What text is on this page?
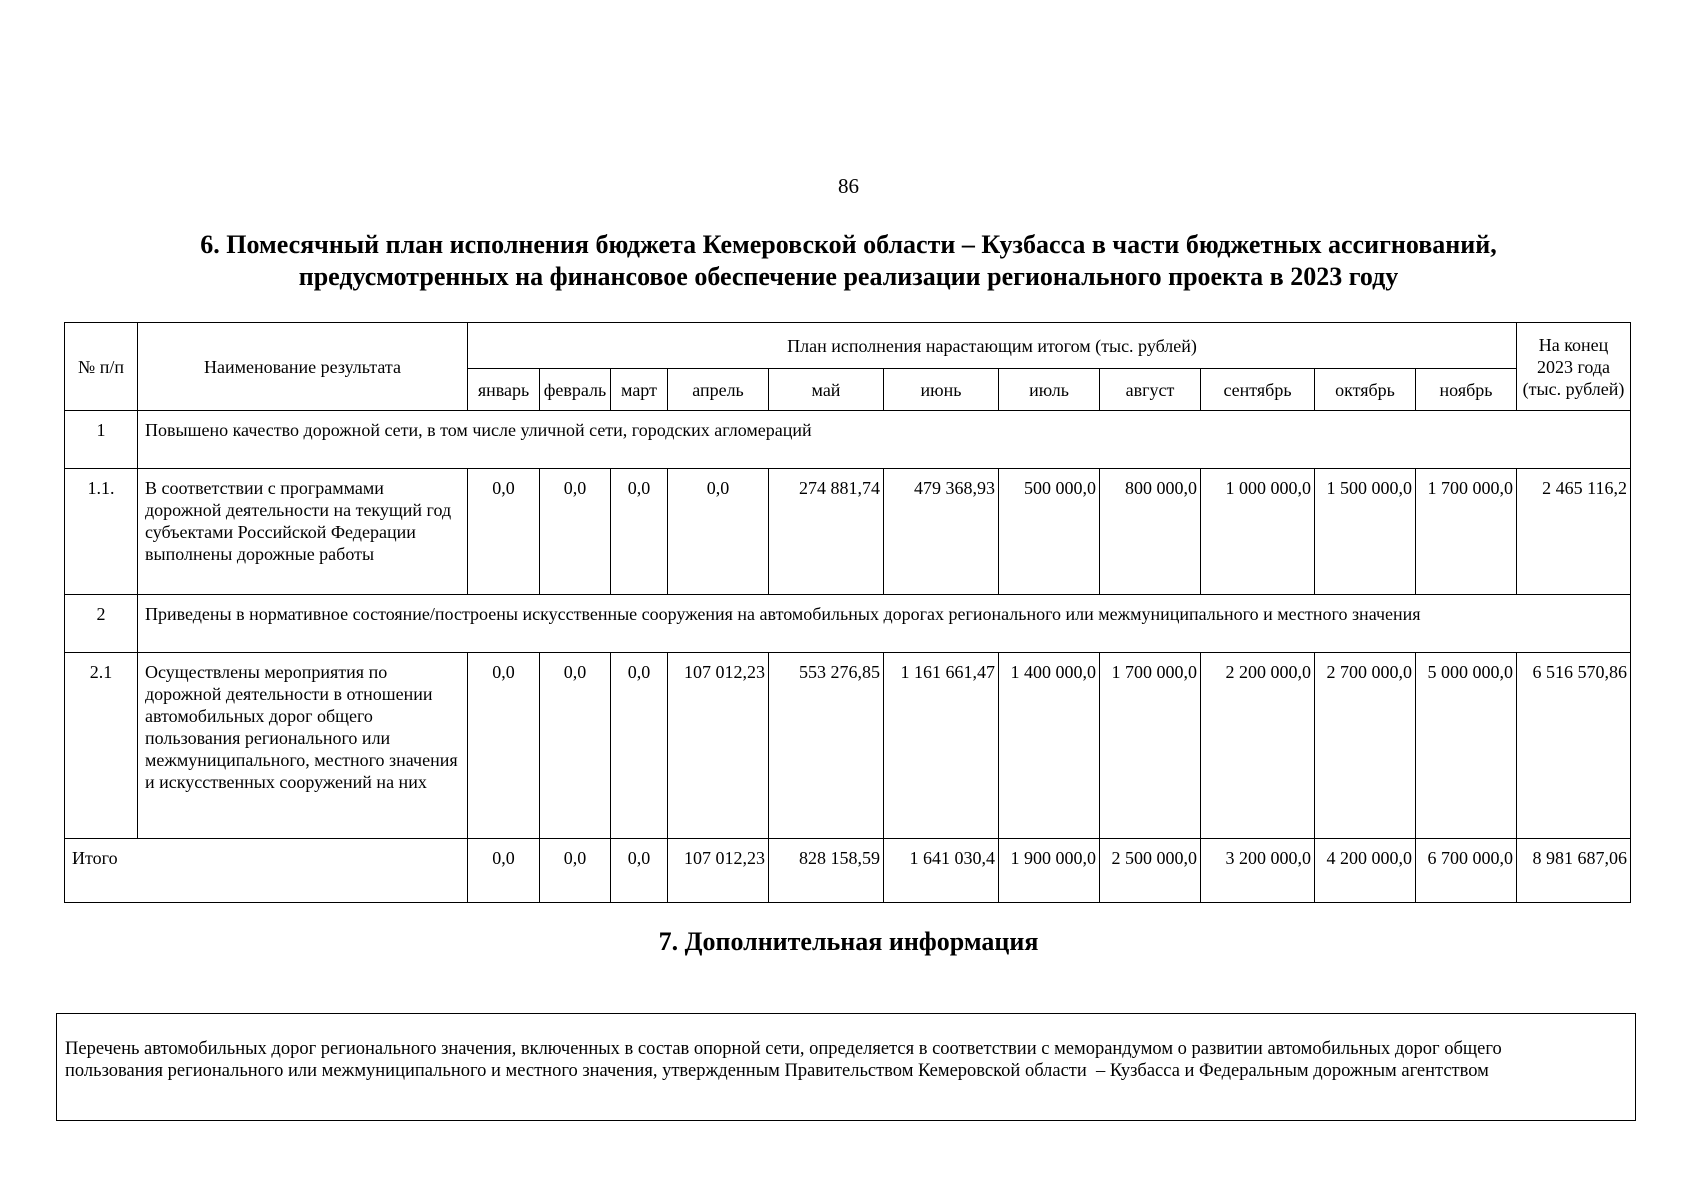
86
6. Помесячный план исполнения бюджета Кемеровской области – Кузбасса в части бюджетных ассигнований,
предусмотренных на финансовое обеспечение реализации регионального проекта в 2023 году
№ п/п	Наименование результата	План исполнения нарастающим итогом (тыс. рублей)											На конец 2023 года (тыс. рублей)
		январь	февраль	март	апрель	май	июнь	июль	август	сентябрь	октябрь	ноябрь	
1	Повышено качество дорожной сети, в том числе уличной сети, городских агломераций												
1.1.	В соответствии с программами дорожной деятельности на текущий год субъектами Российской Федерации выполнены дорожные работы	0,0	0,0	0,0	0,0	274 881,74	479 368,93	500 000,0	800 000,0	1 000 000,0	1 500 000,0	1 700 000,0	2 465 116,2
2	Приведены в нормативное состояние/построены искусственные сооружения на автомобильных дорогах регионального или межмуниципального и местного значения												
2.1	Осуществлены мероприятия по дорожной деятельности в отношении автомобильных дорог общего пользования регионального или межмуниципального, местного значения и искусственных сооружений на них	0,0	0,0	0,0	107 012,23	553 276,85	1 161 661,47	1 400 000,0	1 700 000,0	2 200 000,0	2 700 000,0	5 000 000,0	6 516 570,86
Итого		0,0	0,0	0,0	107 012,23	828 158,59	1 641 030,4	1 900 000,0	2 500 000,0	3 200 000,0	4 200 000,0	6 700 000,0	8 981 687,06
7. Дополнительная информация
Перечень автомобильных дорог регионального значения, включенных в состав опорной сети, определяется в соответствии с меморандумом о развитии автомобильных дорог общего
пользования регионального или межмуниципального и местного значения, утвержденным Правительством Кемеровской области  – Кузбасса и Федеральным дорожным агентством
